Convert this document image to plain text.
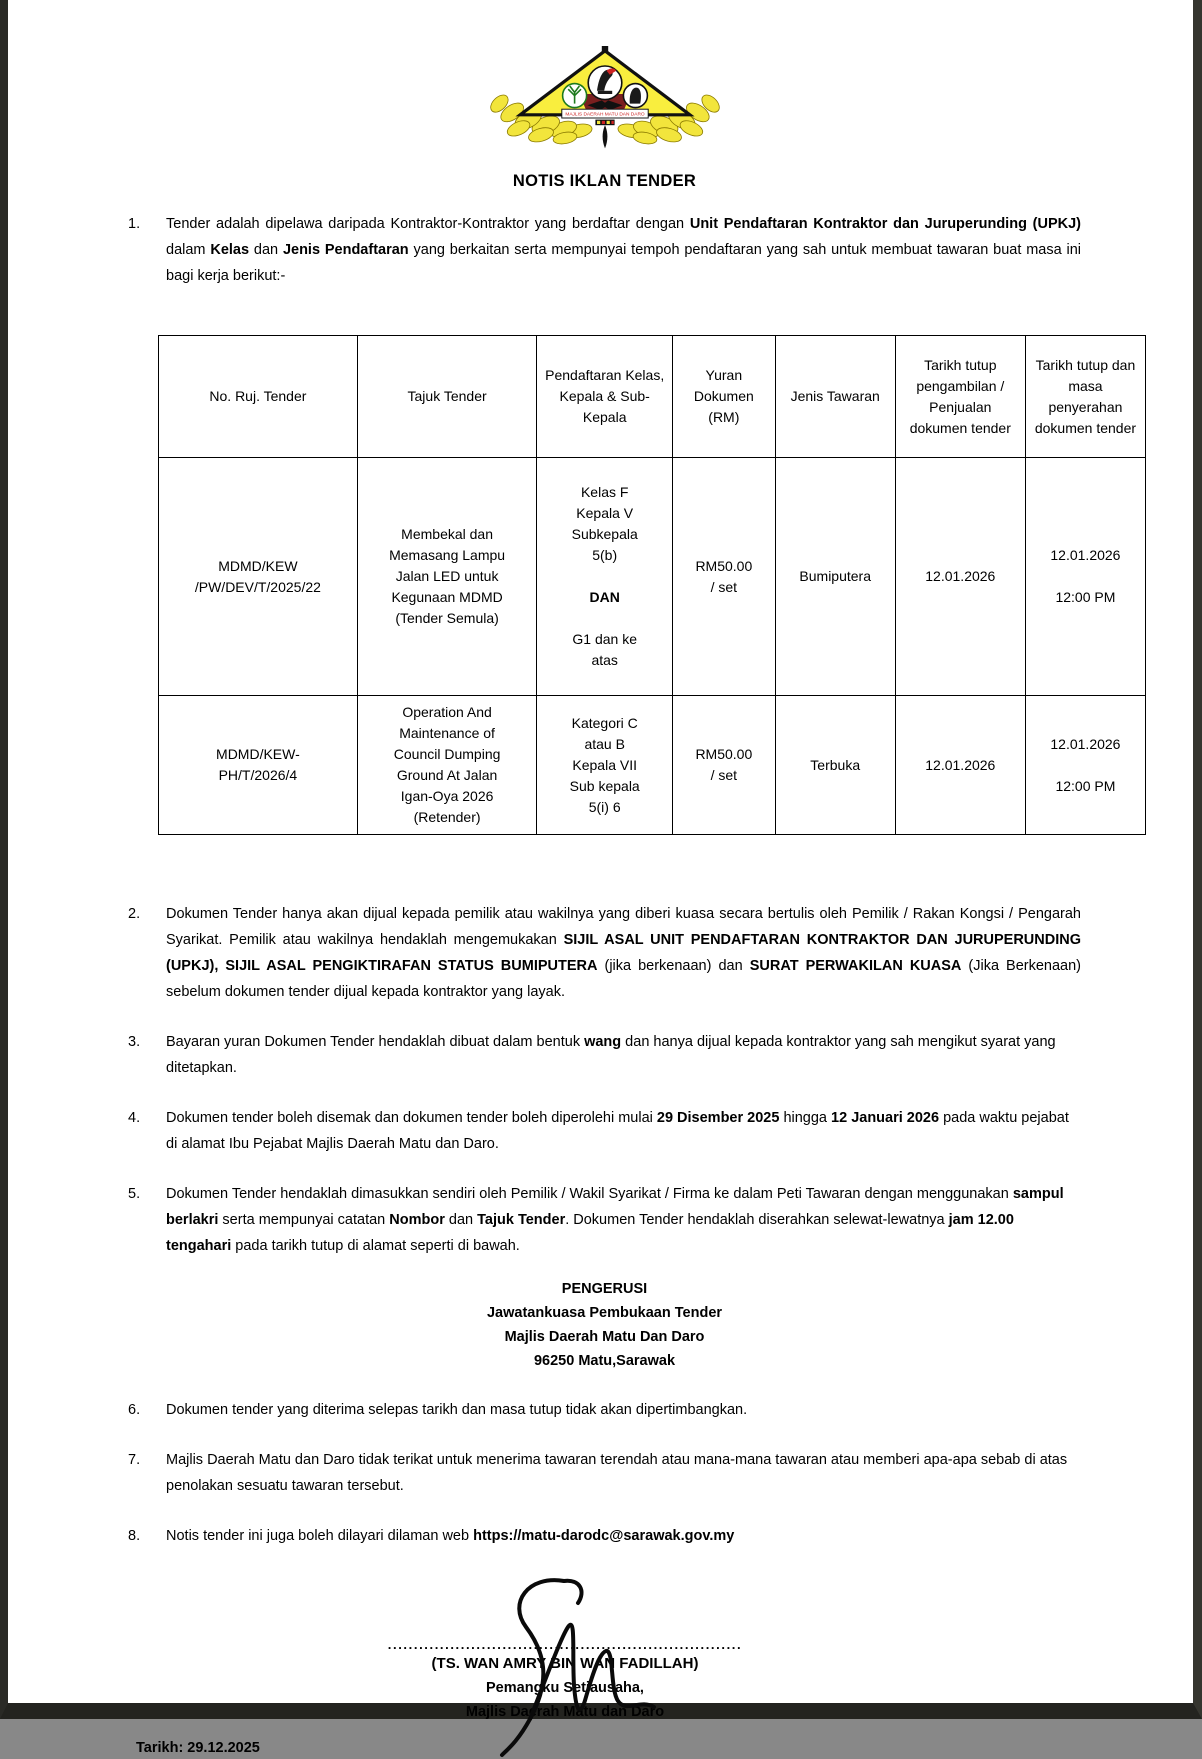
MAJLIS DAERAH MATU DAN DARO
NOTIS IKLAN TENDER
1.	Tender adalah dipelawa daripada Kontraktor-Kontraktor yang berdaftar dengan Unit Pendaftaran Kontraktor dan Juruperunding (UPKJ) dalam Kelas dan Jenis Pendaftaran yang berkaitan serta mempunyai tempoh pendaftaran yang sah untuk membuat tawaran buat masa ini bagi kerja berikut:-
No. Ruj. Tender	Tajuk Tender	Pendaftaran Kelas, Kepala & Sub-Kepala	Yuran Dokumen (RM)	Jenis Tawaran	Tarikh tutup pengambilan / Penjualan dokumen tender	Tarikh tutup dan masa penyerahan dokumen tender
MDMD/KEW
/PW/DEV/T/2025/22	Membekal dan
Memasang Lampu
Jalan LED untuk
Kegunaan MDMD
(Tender Semula)	Kelas F
Kepala V
Subkepala
5(b)

DAN

G1 dan ke
atas	RM50.00
/ set	Bumiputera	12.01.2026	12.01.2026

12:00 PM
MDMD/KEW-
PH/T/2026/4	Operation And
Maintenance of
Council Dumping
Ground At Jalan
Igan-Oya 2026
(Retender)	Kategori C
atau B
Kepala VII
Sub kepala
5(i) 6	RM50.00
/ set	Terbuka	12.01.2026	12.01.2026

12:00 PM
2.	Dokumen Tender hanya akan dijual kepada pemilik atau wakilnya yang diberi kuasa secara bertulis oleh Pemilik / Rakan Kongsi / Pengarah Syarikat. Pemilik atau wakilnya hendaklah mengemukakan SIJIL ASAL UNIT PENDAFTARAN KONTRAKTOR DAN JURUPERUNDING (UPKJ), SIJIL ASAL PENGIKTIRAFAN STATUS BUMIPUTERA (jika berkenaan) dan SURAT PERWAKILAN KUASA (Jika Berkenaan) sebelum dokumen tender dijual kepada kontraktor yang layak.
3.	Bayaran yuran Dokumen Tender hendaklah dibuat dalam bentuk wang dan hanya dijual kepada kontraktor yang sah mengikut syarat yang ditetapkan.
4.	Dokumen tender boleh disemak dan dokumen tender boleh diperolehi mulai 29 Disember 2025 hingga 12 Januari 2026 pada waktu pejabat di alamat Ibu Pejabat Majlis Daerah Matu dan Daro.
5.	Dokumen Tender hendaklah dimasukkan sendiri oleh Pemilik / Wakil Syarikat / Firma ke dalam Peti Tawaran dengan menggunakan sampul berlakri serta mempunyai catatan Nombor dan Tajuk Tender. Dokumen Tender hendaklah diserahkan selewat-lewatnya jam 12.00 tengahari pada tarikh tutup di alamat seperti di bawah.
PENGERUSI
Jawatankuasa Pembukaan Tender
Majlis Daerah Matu Dan Daro
96250 Matu,Sarawak
6.	Dokumen tender yang diterima selepas tarikh dan masa tutup tidak akan dipertimbangkan.
7.	Majlis Daerah Matu dan Daro tidak terikat untuk menerima tawaran terendah atau mana-mana tawaran atau memberi apa-apa sebab di atas penolakan sesuatu tawaran tersebut.
8.	Notis tender ini juga boleh dilayari dilaman web https://matu-darodc@sarawak.gov.my
....................................................................
(TS. WAN AMRY BIN WAN FADILLAH)
Pemangku Setiausaha,
Majlis Daerah Matu dan Daro
Tarikh: 29.12.2025
